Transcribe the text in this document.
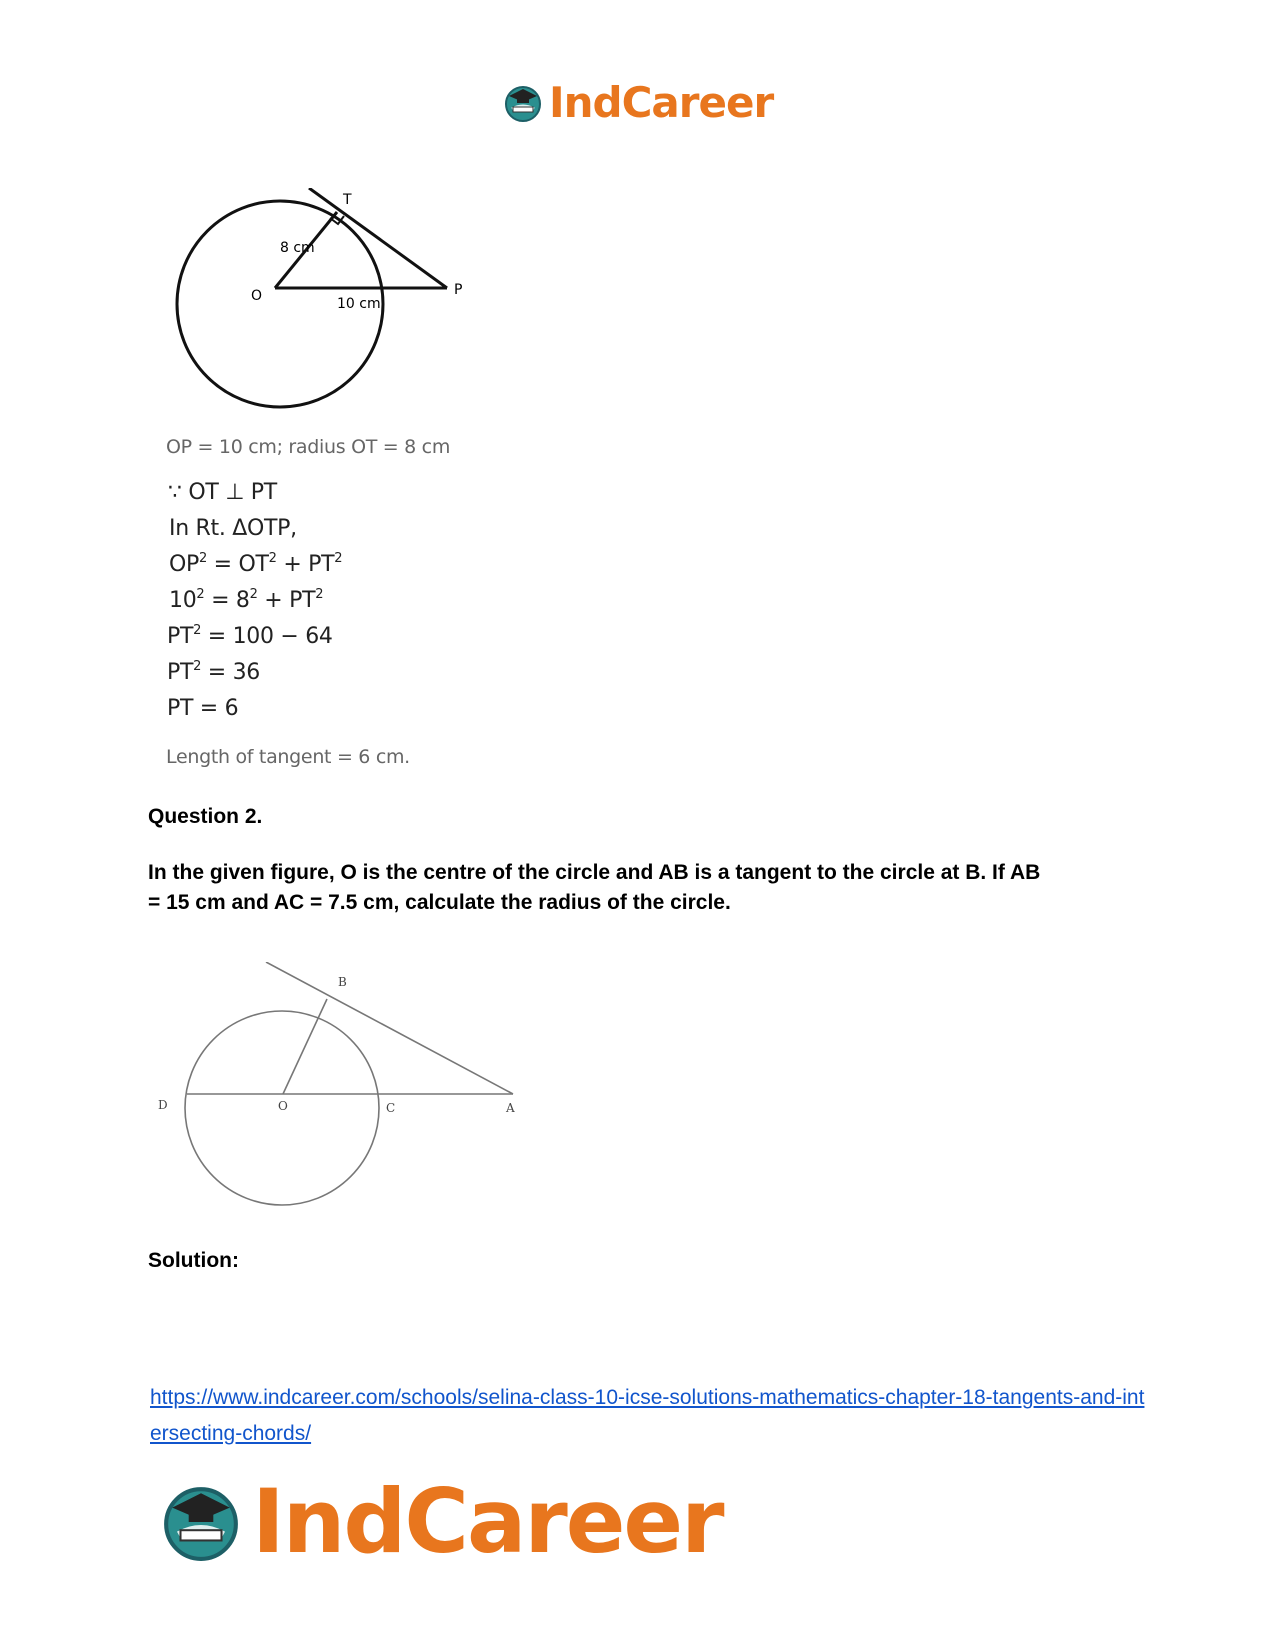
IndCareer
T
O	P
8 cm
10 cm
OP = 10 cm; radius OT = 8 cm
∵ OT ⊥ PT
In Rt. ΔOTP,
$OP^2 = OT^2 + PT^2$
$10^2 = 8^2 + PT^2$
$PT^2 = 100 - 64$
$PT^2 = 36$
PT = 6
Length of tangent = 6 cm.
Question 2.
In the given figure, O is the centre of the circle and AB is a tangent to the circle at B. If AB
= 15 cm and AC = 7.5 cm, calculate the radius of the circle.
B
D	O	C	A
Solution:
https://www.indcareer.com/schools/selina-class-10-icse-solutions-mathematics-chapter-18-tangents-and-intersecting-chords/
IndCareer
